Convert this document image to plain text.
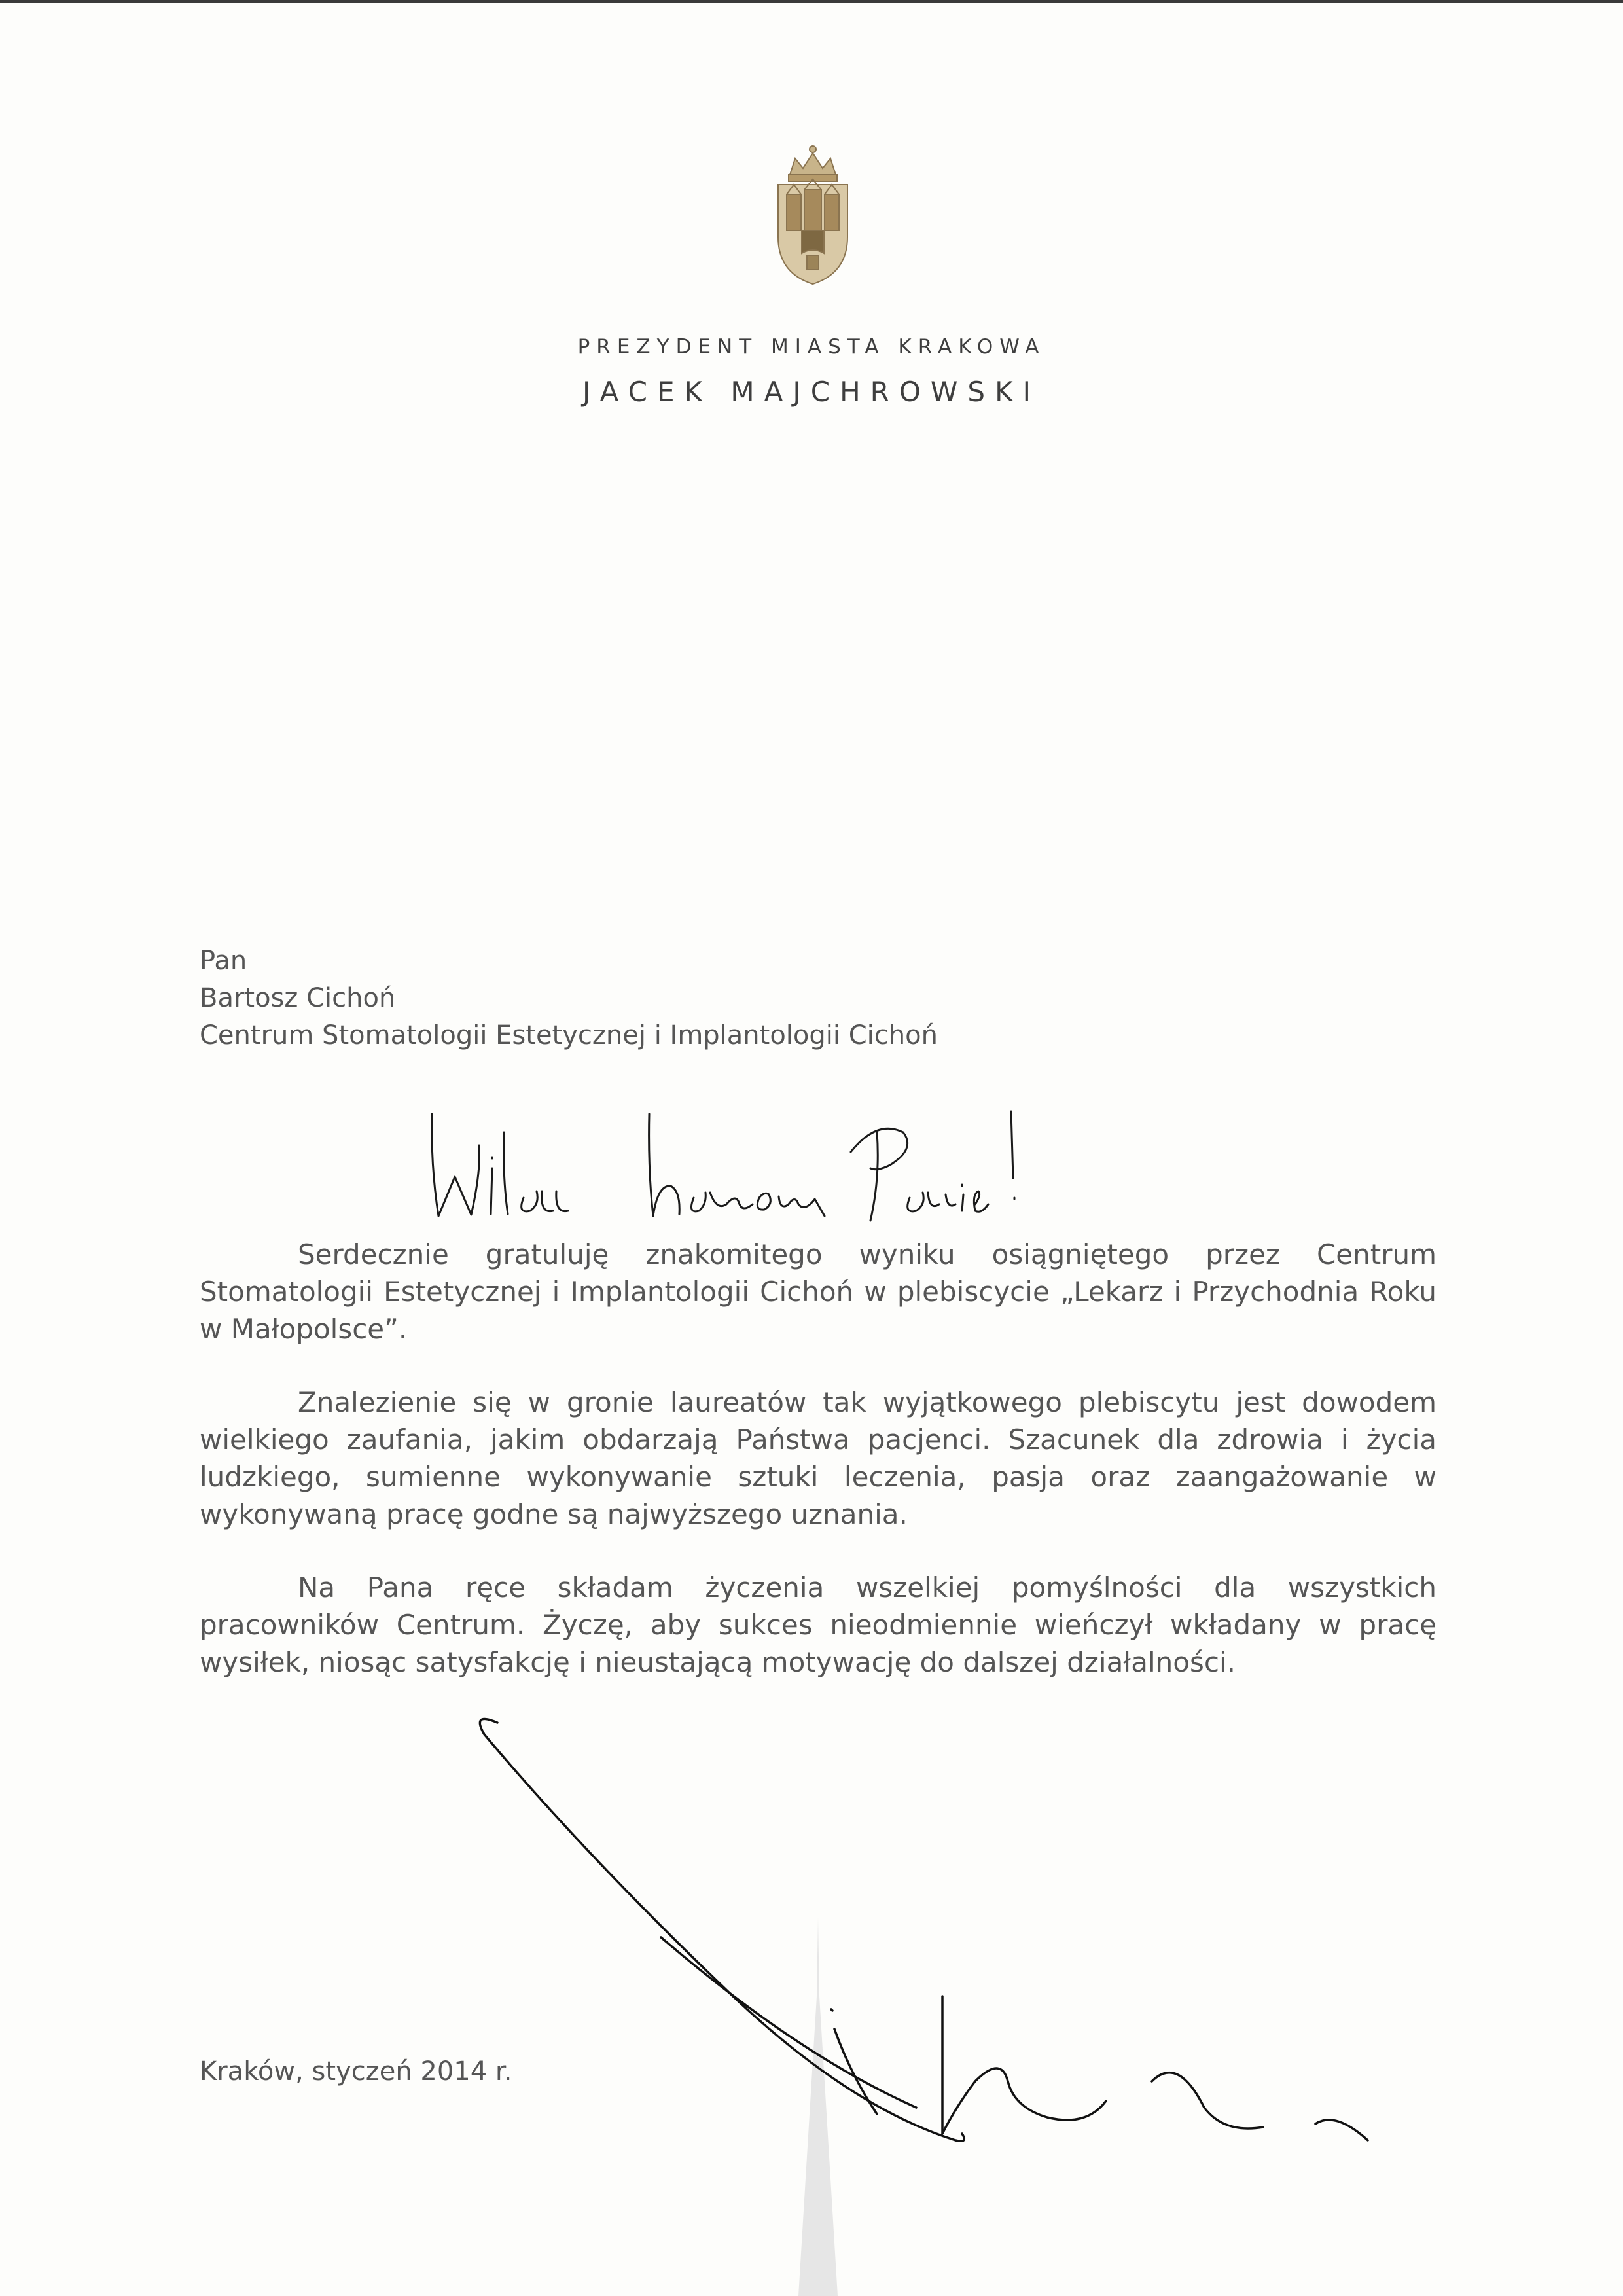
PREZYDENT MIASTA KRAKOWA
JACEK MAJCHROWSKI
Pan
Bartosz Cichoń
Centrum Stomatologii Estetycznej i Implantologii Cichoń

Serdecznie gratuluję znakomitego wyniku osiągniętego przez Centrum Stomatologii Estetycznej i Implantologii Cichoń w plebiscycie „Lekarz i Przychodnia Roku w Małopolsce”.

Znalezienie się w gronie laureatów tak wyjątkowego plebiscytu jest dowodem wielkiego zaufania, jakim obdarzają Państwa pacjenci. Szacunek dla zdrowia i życia ludzkiego, sumienne wykonywanie sztuki leczenia, pasja oraz zaangażowanie w wykonywaną pracę godne są najwyższego uznania.

Na Pana ręce składam życzenia wszelkiej pomyślności dla wszystkich pracowników Centrum. Życzę, aby sukces nieodmiennie wieńczył wkładany w pracę wysiłek, niosąc satysfakcję i nieustającą motywację do dalszej działalności.

Kraków, styczeń 2014 r.
